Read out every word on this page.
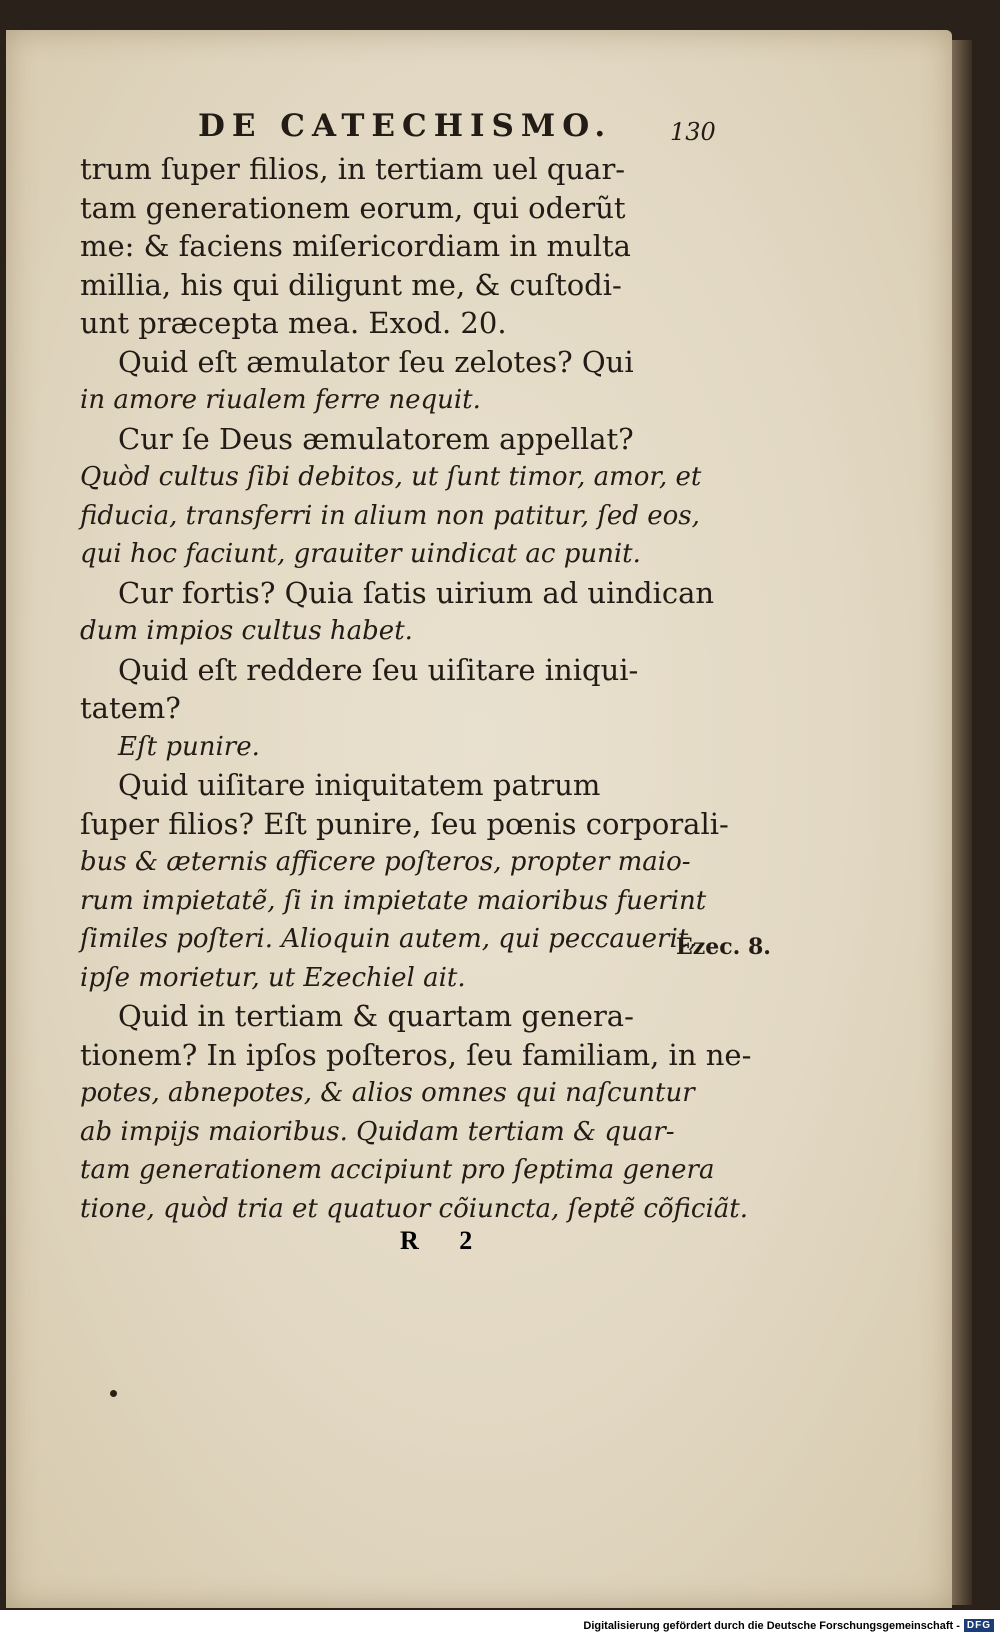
DE CATECHISMO. 130
trum ſuper filios, in tertiam uel quar-
tam generationem eorum, qui oderũt
me: & faciens miſericordiam in multa
millia, his qui diligunt me, & cuſtodi-
unt præcepta mea. Exod. 20.
Quid eſt æmulator ſeu zelotes? Qui
in amore riualem ferre nequit.
Cur ſe Deus æmulatorem appellat?
Quòd cultus ſibi debitos, ut ſunt timor, amor, et
fiducia, transferri in alium non patitur, ſed eos,
qui hoc faciunt, grauiter uindicat ac punit.
Cur fortis? Quia ſatis uirium ad uindican
dum impios cultus habet.
Quid eſt reddere ſeu uiſitare iniqui-
tatem?
Eſt punire.
Quid uiſitare iniquitatem patrum
ſuper filios? Eſt punire, ſeu pœnis corporali-
bus & æternis afficere poſteros, propter maio-
rum impietatẽ, ſi in impietate maioribus fuerint
ſimiles poſteri. Alioquin autem, qui peccauerit,
ipſe morietur, ut Ezechiel ait.
Quid in tertiam & quartam genera-
tionem? In ipſos poſteros, ſeu familiam, in ne-
potes, abnepotes, & alios omnes qui naſcuntur
ab impijs maioribus. Quidam tertiam & quar-
tam generationem accipiunt pro ſeptima genera
tione, quòd tria et quatuor cõiuncta, ſeptẽ cõficiãt.
Ezec. 8.
R 2
Digitalisierung gefördert durch die Deutsche Forschungsgemeinschaft - DFG
